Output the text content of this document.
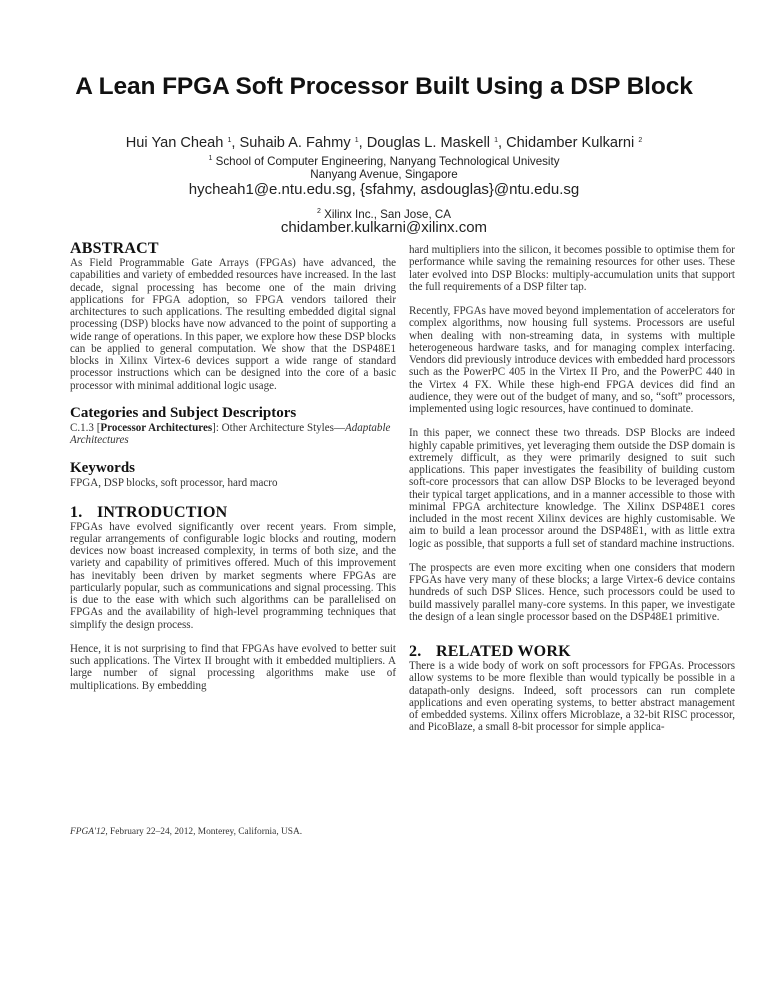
A Lean FPGA Soft Processor Built Using a DSP Block
Hui Yan Cheah $^1$, Suhaib A. Fahmy $^1$, Douglas L. Maskell $^1$, Chidamber Kulkarni $^2$
$^1$ School of Computer Engineering, Nanyang Technological Univesity
Nanyang Avenue, Singapore
hycheah1@e.ntu.edu.sg, {sfahmy, asdouglas}@ntu.edu.sg
$^2$ Xilinx Inc., San Jose, CA
chidamber.kulkarni@xilinx.com
ABSTRACT

As Field Programmable Gate Arrays (FPGAs) have advanced, the capabilities and variety of embedded resources have increased. In the last decade, signal processing has become one of the main driving applications for FPGA adoption, so FPGA vendors tailored their architectures to such applications. The resulting embedded digital signal processing (DSP) blocks have now advanced to the point of supporting a wide range of operations. In this paper, we explore how these DSP blocks can be applied to general computation. We show that the DSP48E1 blocks in Xilinx Virtex-6 devices support a wide range of standard processor instructions which can be designed into the core of a basic processor with minimal additional logic usage.

Categories and Subject Descriptors

C.1.3 [Processor Architectures]: Other Architecture Styles—Adaptable Architectures

Keywords

FPGA, DSP blocks, soft processor, hard macro

1. INTRODUCTION

FPGAs have evolved significantly over recent years. From simple, regular arrangements of configurable logic blocks and routing, modern devices now boast increased complexity, in terms of both size, and the variety and capability of primitives offered. Much of this improvement has inevitably been driven by market segments where FPGAs are particularly popular, such as communications and signal processing. This is due to the ease with which such algorithms can be parallelised on FPGAs and the availability of high-level programming techniques that simplify the design process.

Hence, it is not surprising to find that FPGAs have evolved to better suit such applications. The Virtex II brought with it embedded multipliers. A large number of signal processing algorithms make use of multiplications. By embedding

FPGA'12, February 22–24, 2012, Monterey, California, USA.

hard multipliers into the silicon, it becomes possible to optimise them for performance while saving the remaining resources for other uses. These later evolved into DSP Blocks: multiply-accumulation units that support the full requirements of a DSP filter tap.

Recently, FPGAs have moved beyond implementation of accelerators for complex algorithms, now housing full systems. Processors are useful when dealing with non-streaming data, in systems with multiple heterogeneous hardware tasks, and for managing complex interfacing. Vendors did previously introduce devices with embedded hard processors such as the PowerPC 405 in the Virtex II Pro, and the PowerPC 440 in the Virtex 4 FX. While these high-end FPGA devices did find an audience, they were out of the budget of many, and so, “soft” processors, implemented using logic resources, have continued to dominate.

In this paper, we connect these two threads. DSP Blocks are indeed highly capable primitives, yet leveraging them outside the DSP domain is extremely difficult, as they were primarily designed to suit such applications. This paper investigates the feasibility of building custom soft-core processors that can allow DSP Blocks to be leveraged beyond their typical target applications, and in a manner accessible to those with minimal FPGA architecture knowledge. The Xilinx DSP48E1 cores included in the most recent Xilinx devices are highly customisable. We aim to build a lean processor around the DSP48E1, with as little extra logic as possible, that supports a full set of standard machine instructions.

The prospects are even more exciting when one considers that modern FPGAs have very many of these blocks; a large Virtex-6 device contains hundreds of such DSP Slices. Hence, such processors could be used to build massively parallel many-core systems. In this paper, we investigate the design of a lean single processor based on the DSP48E1 primitive.

2. RELATED WORK

There is a wide body of work on soft processors for FPGAs. Processors allow systems to be more flexible than would typically be possible in a datapath-only designs. Indeed, soft processors can run complete applications and even operating systems, to better abstract management of embedded systems. Xilinx offers Microblaze, a 32-bit RISC processor, and PicoBlaze, a small 8-bit processor for simple applica-
